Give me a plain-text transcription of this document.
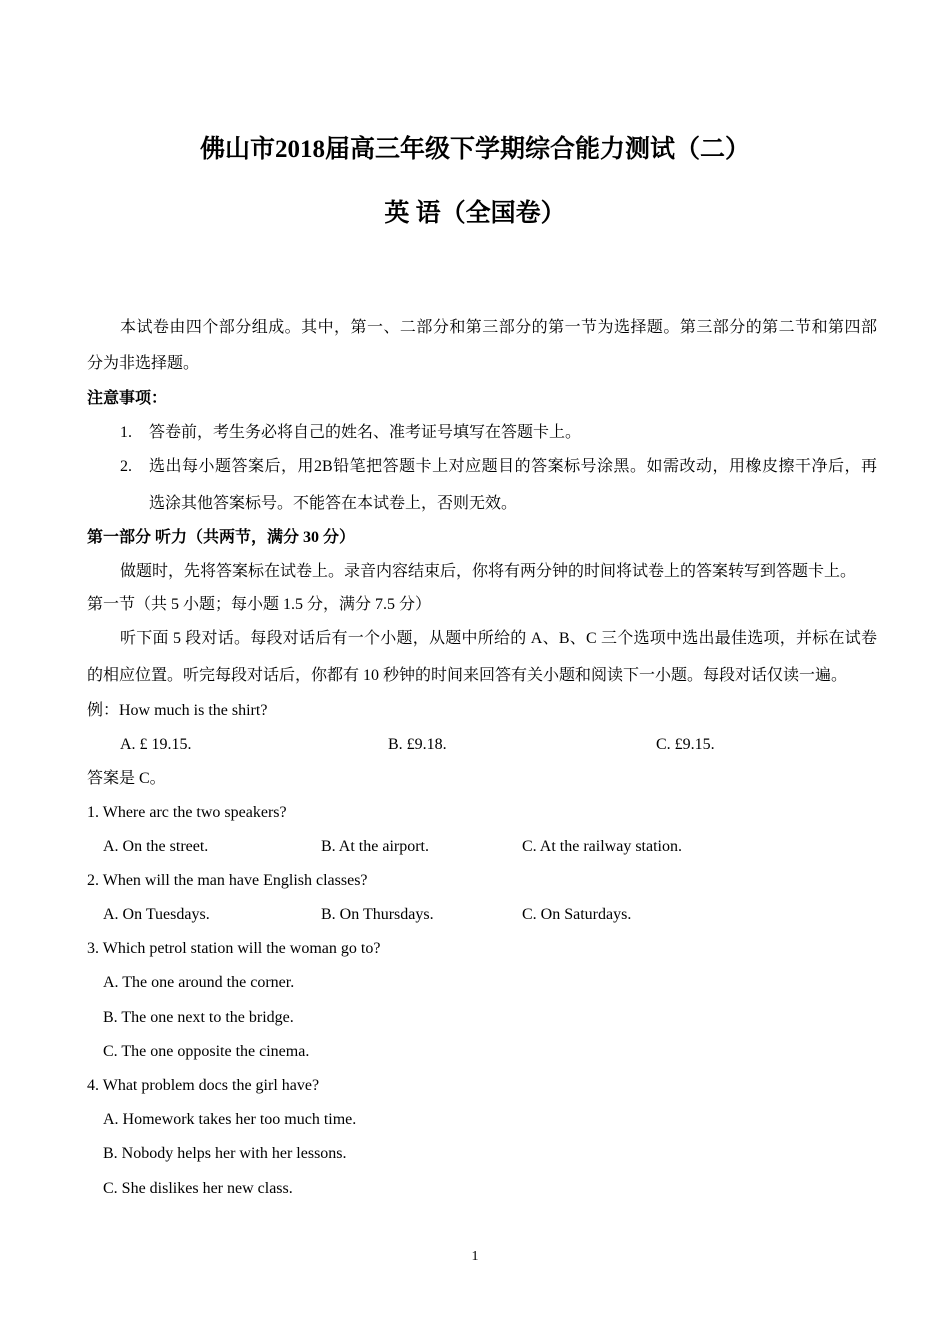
佛山市2018届高三年级下学期综合能力测试（二）
英 语（全国卷）
本试卷由四个部分组成。其中，第一、二部分和第三部分的第一节为选择题。第三部分的第二节和第四部
分为非选择题。
注意事项：
1. 答卷前，考生务必将自己的姓名、准考证号填写在答题卡上。
2. 选出每小题答案后，用2B铅笔把答题卡上对应题目的答案标号涂黑。如需改动，用橡皮擦干净后，再
选涂其他答案标号。不能答在本试卷上，否则无效。
第一部分 听力（共两节，满分 30 分）
做题时，先将答案标在试卷上。录音内容结束后，你将有两分钟的时间将试卷上的答案转写到答题卡上。
第一节（共 5 小题；每小题 1.5 分，满分 7.5 分）
听下面 5 段对话。每段对话后有一个小题，从题中所给的 A、B、C 三个选项中选出最佳选项，并标在试卷
的相应位置。听完每段对话后，你都有 10 秒钟的时间来回答有关小题和阅读下一小题。每段对话仅读一遍。
例：How much is the shirt?
A. £ 19.15.	B. £9.18.	C. £9.15.
答案是 C。
1. Where arc the two speakers?
A. On the street.	B. At the airport.	C. At the railway station.
2. When will the man have English classes?
A. On Tuesdays.	B. On Thursdays.	C. On Saturdays.
3. Which petrol station will the woman go to?
A. The one around the corner.
B. The one next to the bridge.
C. The one opposite the cinema.
4. What problem docs the girl have?
A. Homework takes her too much time.
B. Nobody helps her with her lessons.
C. She dislikes her new class.
1
